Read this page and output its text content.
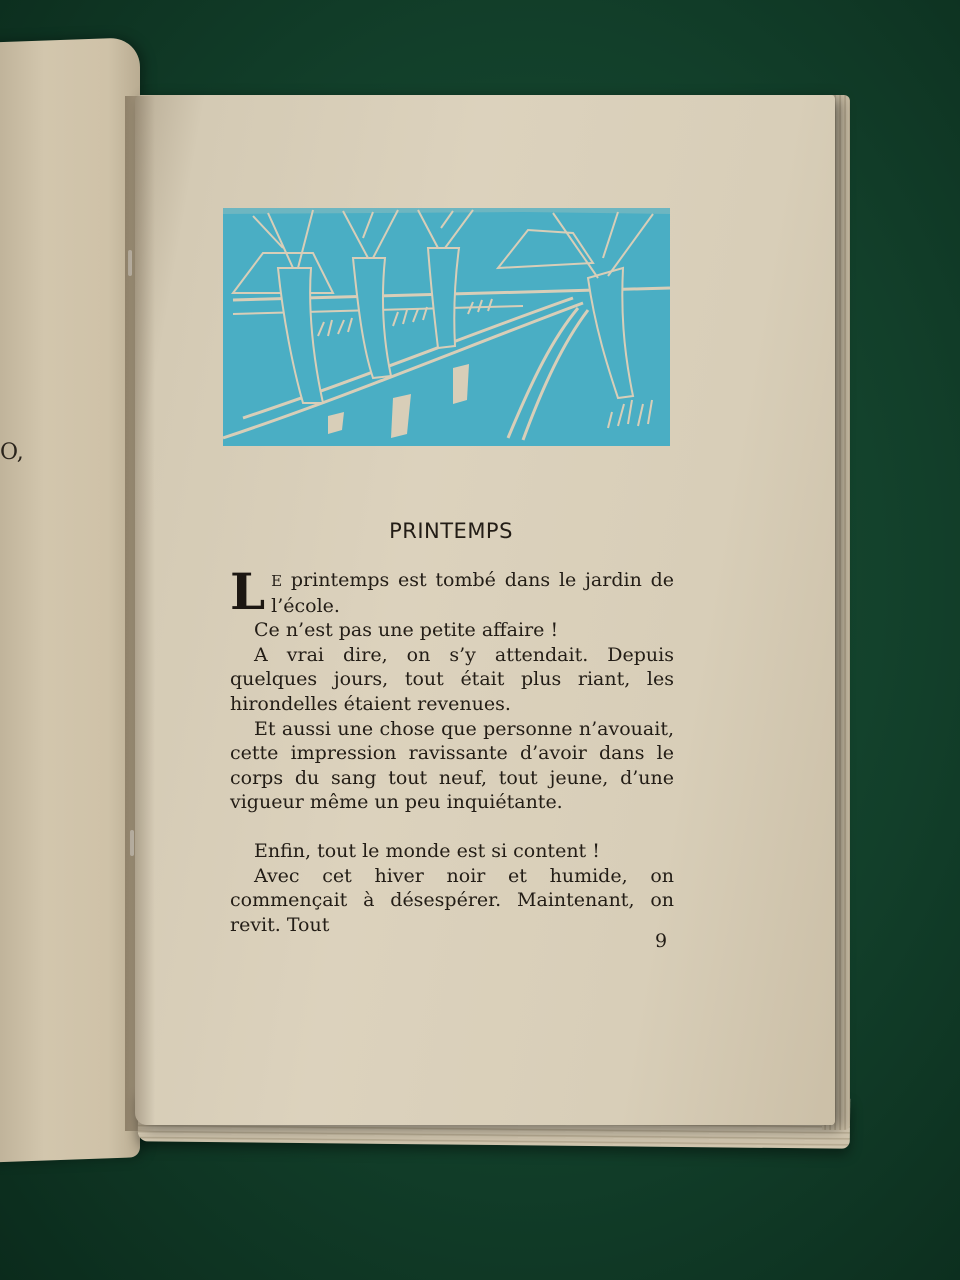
O,
PRINTEMPS

L E printemps est tombé dans le jardin de l’école.

Ce n’est pas une petite affaire !

A vrai dire, on s’y attendait. Depuis quelques jours, tout était plus riant, les hirondelles étaient revenues.

Et aussi une chose que personne n’avouait, cette impression ravissante d’avoir dans le corps du sang tout neuf, tout jeune, d’une vigueur même un peu inquiétante.

Enfin, tout le monde est si content !

Avec cet hiver noir et humide, on commençait à désespérer. Maintenant, on revit. Tout

9
